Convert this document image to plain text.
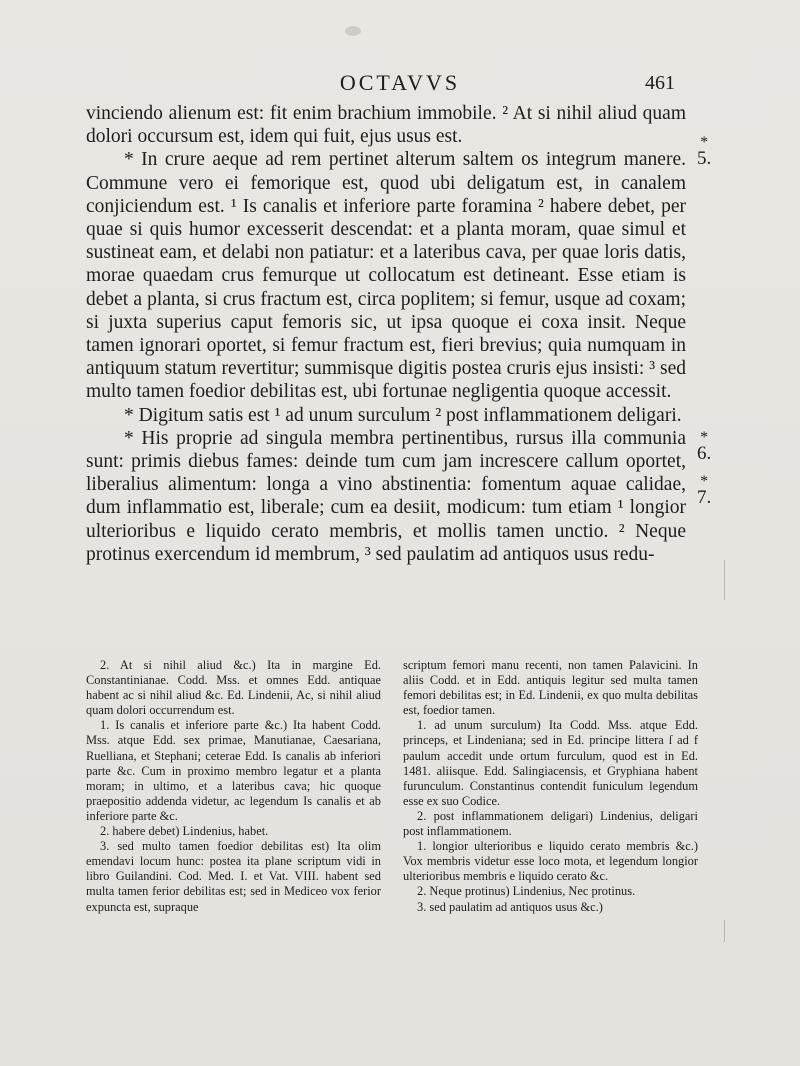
OCTAVVS	461

vinciendo alienum est: fit enim brachium immobile. ² At si nihil aliud quam dolori occursum est, idem qui fuit, ejus usus est.

* In crure aeque ad rem pertinet alterum saltem os integrum manere. Commune vero ei femorique est, quod ubi deligatum est, in canalem conjiciendum est. ¹ Is canalis et inferiore parte foramina ² habere debet, per quae si quis humor excesserit descendat: et a planta moram, quae simul et sustineat eam, et delabi non patiatur: et a lateribus cava, per quae loris datis, morae quaedam crus femurque ut collocatum est detineant. Esse etiam is debet a planta, si crus fractum est, circa poplitem; si femur, usque ad coxam; si juxta superius caput femoris sic, ut ipsa quoque ei coxa insit. Neque tamen ignorari oportet, si femur fractum est, fieri brevius; quia numquam in antiquum statum revertitur; summisque digitis postea cruris ejus insisti: ³ sed multo tamen foedior debilitas est, ubi fortunae negligentia quoque accessit.

* Digitum satis est ¹ ad unum surculum ² post inflammationem deligari.

* His proprie ad singula membra pertinentibus, rursus illa communia sunt: primis diebus fames: deinde tum cum jam increscere callum oportet, liberalius alimentum: longa a vino abstinentia: fomentum aquae calidae, dum inflammatio est, liberale; cum ea desiit, modicum: tum etiam ¹ longior ulterioribus e liquido cerato membris, et mollis tamen unctio. ² Neque protinus exercendum id membrum, ³ sed paulatim ad antiquos usus redu-

*
5.
*
6.
*
7.

2. At si nihil aliud &c.) Ita in margine Ed. Constantinianae. Codd. Mss. et omnes Edd. antiquae habent ac si nihil aliud &c. Ed. Lindenii, Ac, si nihil aliud quam dolori occurrendum est.

1. Is canalis et inferiore parte &c.) Ita habent Codd. Mss. atque Edd. sex primae, Manutianae, Caesariana, Ruelliana, et Stephani; ceterae Edd. Is canalis ab inferiori parte &c. Cum in proximo membro legatur et a planta moram; in ultimo, et a lateribus cava; hic quoque praepositio addenda videtur, ac legendum Is canalis et ab inferiore parte &c.

2. habere debet) Lindenius, habet.

3. sed multo tamen foedior debilitas est) Ita olim emendavi locum hunc: postea ita plane scriptum vidi in libro Guilandini. Cod. Med. I. et Vat. VIII. habent sed multa tamen ferior debilitas est; sed in Mediceo vox ferior expuncta est, supraque

scriptum femori manu recenti, non tamen Palavicini. In aliis Codd. et in Edd. antiquis legitur sed multa tamen femori debilitas est; in Ed. Lindenii, ex quo multa debilitas est, foedior tamen.

1. ad unum surculum) Ita Codd. Mss. atque Edd. princeps, et Lindeniana; sed in Ed. principe littera ſ ad f paulum accedit unde ortum furculum, quod est in Ed. 1481. aliisque. Edd. Salingiacensis, et Gryphiana habent furunculum. Constantinus contendit funiculum legendum esse ex suo Codice.

2. post inflammationem deligari) Lindenius, deligari post inflammationem.

1. longior ulterioribus e liquido cerato membris &c.) Vox membris videtur esse loco mota, et legendum longior ulterioribus membris e liquido cerato &c.

2. Neque protinus) Lindenius, Nec protinus.

3. sed paulatim ad antiquos usus &c.)
